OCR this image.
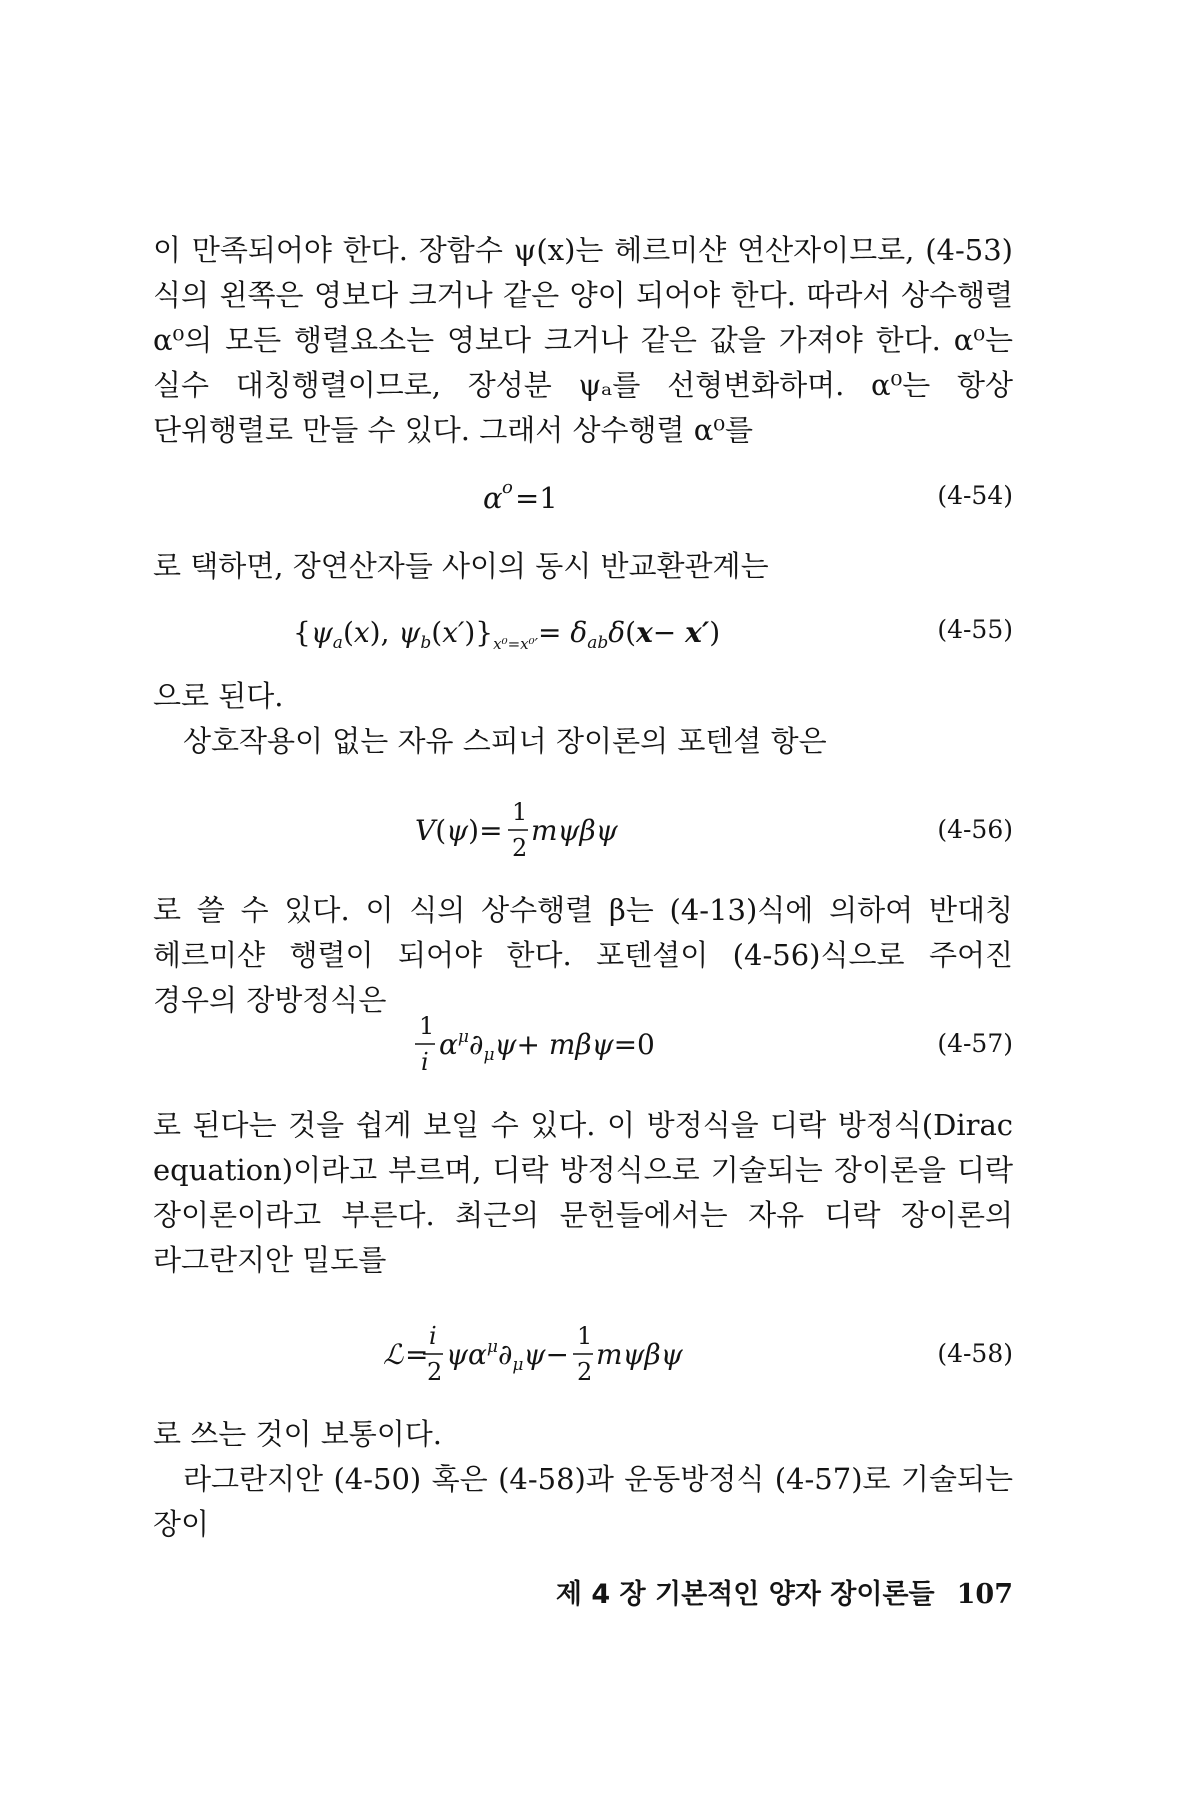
이 만족되어야 한다. 장함수 ψ(x)는 헤르미샨 연산자이므로, (4-53)식의 왼쪽은 영보다 크거나 같은 양이 되어야 한다. 따라서 상수행렬 α⁰의 모든 행렬요소는 영보다 크거나 같은 값을 가져야 한다. α⁰는 실수 대칭행렬이므로, 장성분 ψₐ를 선형변화하며. α⁰는 항상 단위행렬로 만들 수 있다. 그래서 상수행렬 α⁰를

α o =1	(4-54)

로 택하면, 장연산자들 사이의 동시 반교환관계는

{$\psi_a(x)$, $\psi_b(x')\}_{x^0=x^0'}= \delta_{ab}\delta(x- x')$	(4-55)

으로 된다.

상호작용이 없는 자유 스피너 장이론의 포텐셜 항은

V(ψ)=
1
2
mψβψ	(4-56)

로 쓸 수 있다. 이 식의 상수행렬 β는 (4-13)식에 의하여 반대칭 헤르미샨 행렬이 되어야 한다. 포텐셜이 (4-56)식으로 주어진 경우의 장방정식은

1
i
$\alpha^\mu\partial_\mu\psi+ m\beta\psi=0$	(4-57)

로 된다는 것을 쉽게 보일 수 있다. 이 방정식을 디락 방정식(Dirac equation)이라고 부르며, 디락 방정식으로 기술되는 장이론을 디락 장이론이라고 부른다. 최근의 문헌들에서는 자유 디락 장이론의 라그란지안 밀도를

ℒ =
i
2
$\psi\alpha^\mu\partial_\mu\psi-$
1
2
mψβψ	(4-58)

로 쓰는 것이 보통이다.

라그란지안 (4-50) 혹은 (4-58)과 운동방정식 (4-57)로 기술되는 장이

제 4 장 기본적인 양자 장이론들 107
